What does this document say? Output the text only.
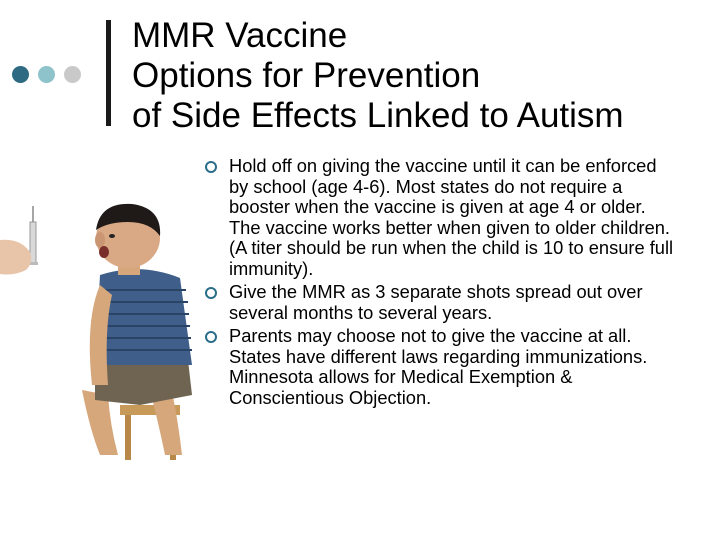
MMR Vaccine
Options for Prevention
of Side Effects Linked to Autism
Hold off on giving the vaccine until it can be enforced by school (age 4-6). Most states do not require a booster when the vaccine is given at age 4 or older. The vaccine works better when given to older children. (A titer should be run when the child is 10 to ensure full immunity).
Give the MMR as 3 separate shots spread out over several months to several years.
Parents may choose not to give the vaccine at all. States have different laws regarding immunizations. Minnesota allows for Medical Exemption & Conscientious Objection.
